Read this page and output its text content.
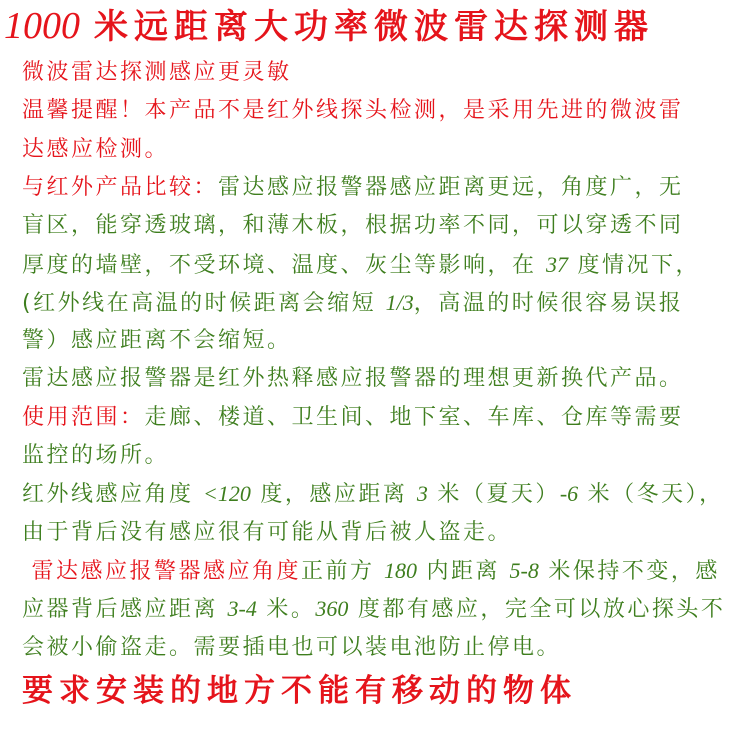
1000 米远距离大功率微波雷达探测器
微波雷达探测感应更灵敏
温馨提醒！本产品不是红外线探头检测，是采用先进的微波雷
达感应检测。
与红外产品比较：雷达感应报警器感应距离更远，角度广，无
盲区，能穿透玻璃，和薄木板，根据功率不同，可以穿透不同
厚度的墙壁，不受环境、温度、灰尘等影响，在 37 度情况下，
(红外线在高温的时候距离会缩短 1/3，高温的时候很容易误报
警）感应距离不会缩短。
雷达感应报警器是红外热释感应报警器的理想更新换代产品。
使用范围：走廊、楼道、卫生间、地下室、车库、仓库等需要
监控的场所。
红外线感应角度 <120 度，感应距离 3 米（夏天）-6 米（冬天），
由于背后没有感应很有可能从背后被人盗走。
雷达感应报警器感应角度正前方 180 内距离 5-8 米保持不变，感
应器背后感应距离 3-4 米。360 度都有感应，完全可以放心探头不
会被小偷盗走。需要插电也可以装电池防止停电。
要求安装的地方不能有移动的物体
